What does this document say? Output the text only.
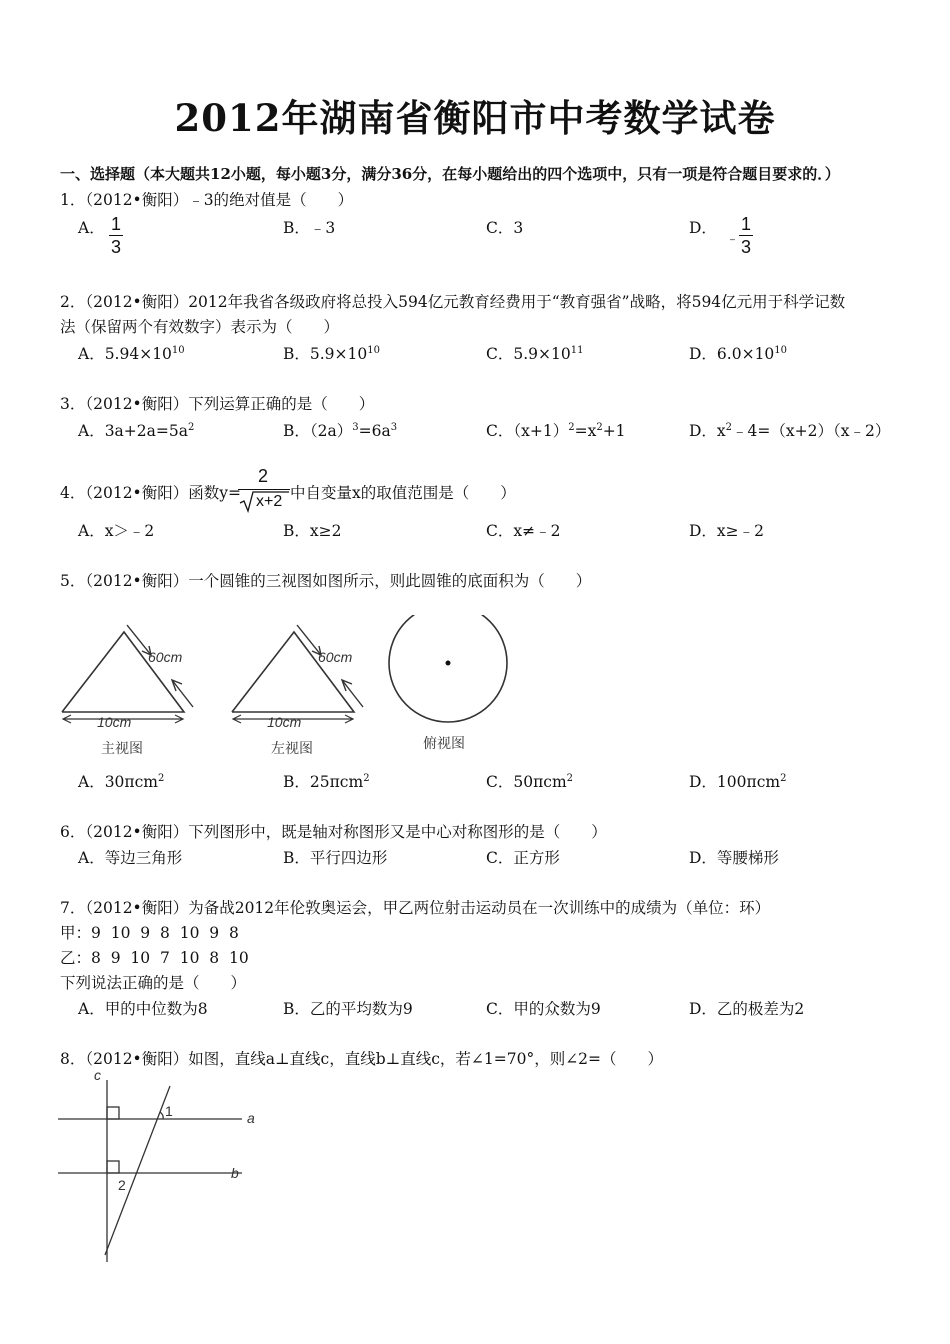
2012年湖南省衡阳市中考数学试卷
一、选择题（本大题共12小题，每小题3分，满分36分，在每小题给出的四个选项中，只有一项是符合题目要求的．）
1．（2012•衡阳）﹣3的绝对值是（　　）
A． 1
3
B．﹣3	C．3	D．
﹣
1
3
2．（2012•衡阳）2012年我省各级政府将总投入594亿元教育经费用于“教育强省”战略，将594亿元用于科学记数
法（保留两个有效数字）表示为（　　）
A．$5.94\times 10^{10}$	B．$5.9\times 10^{10}$	C．$5.9\times 10^{11}$	D．$6.0\times 10^{10}$
3．（2012•衡阳）下列运算正确的是（　　）
A．$3a+2a=5a^2$	B．$(2a)^3=6a^3$	C．$(x+1)^2=x^2+1$	D．$x^2﹣4=(x+2)(x﹣2)$
4．（2012•衡阳）函数y=
2
x+2 中自变量x的取值范围是（　　）
A．x＞﹣2	B．x≥2	C．x≠﹣2	D．x≥﹣2
5．（2012•衡阳）一个圆锥的三视图如图所示，则此圆锥的底面积为（　　）
60cm
10cm
主视图
60cm
10cm
左视图	俯视图
A．30πcm$^2$	B．25πcm$^2$	C．50πcm$^2$	D．100πcm$^2$
6．（2012•衡阳）下列图形中，既是轴对称图形又是中心对称图形的是（　　）
A．等边三角形	B．平行四边形	C．正方形	D．等腰梯形
7．（2012•衡阳）为备战2012年伦敦奥运会，甲乙两位射击运动员在一次训练中的成绩为（单位：环）
甲：9  10  9  8  10  9  8
乙：8  9  10  7  10  8  10
下列说法正确的是（　　）
A．甲的中位数为8	B．乙的平均数为9	C．甲的众数为9	D．乙的极差为2
8．（2012•衡阳）如图，直线a⊥直线c，直线b⊥直线c，若∠1=70°，则∠2=（　　）
c
a
b
1
2
